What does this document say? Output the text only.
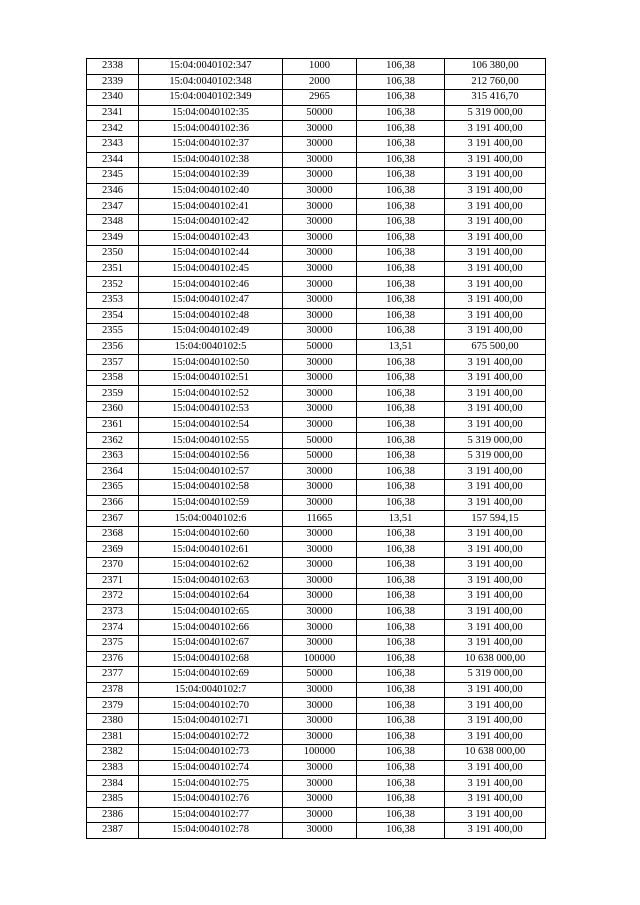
2338	15:04:0040102:347	1000	106,38	106 380,00
2339	15:04:0040102:348	2000	106,38	212 760,00
2340	15:04:0040102:349	2965	106,38	315 416,70
2341	15:04:0040102:35	50000	106,38	5 319 000,00
2342	15:04:0040102:36	30000	106,38	3 191 400,00
2343	15:04:0040102:37	30000	106,38	3 191 400,00
2344	15:04:0040102:38	30000	106,38	3 191 400,00
2345	15:04:0040102:39	30000	106,38	3 191 400,00
2346	15:04:0040102:40	30000	106,38	3 191 400,00
2347	15:04:0040102:41	30000	106,38	3 191 400,00
2348	15:04:0040102:42	30000	106,38	3 191 400,00
2349	15:04:0040102:43	30000	106,38	3 191 400,00
2350	15:04:0040102:44	30000	106,38	3 191 400,00
2351	15:04:0040102:45	30000	106,38	3 191 400,00
2352	15:04:0040102:46	30000	106,38	3 191 400,00
2353	15:04:0040102:47	30000	106,38	3 191 400,00
2354	15:04:0040102:48	30000	106,38	3 191 400,00
2355	15:04:0040102:49	30000	106,38	3 191 400,00
2356	15:04:0040102:5	50000	13,51	675 500,00
2357	15:04:0040102:50	30000	106,38	3 191 400,00
2358	15:04:0040102:51	30000	106,38	3 191 400,00
2359	15:04:0040102:52	30000	106,38	3 191 400,00
2360	15:04:0040102:53	30000	106,38	3 191 400,00
2361	15:04:0040102:54	30000	106,38	3 191 400,00
2362	15:04:0040102:55	50000	106,38	5 319 000,00
2363	15:04:0040102:56	50000	106,38	5 319 000,00
2364	15:04:0040102:57	30000	106,38	3 191 400,00
2365	15:04:0040102:58	30000	106,38	3 191 400,00
2366	15:04:0040102:59	30000	106,38	3 191 400,00
2367	15:04:0040102:6	11665	13,51	157 594,15
2368	15:04:0040102:60	30000	106,38	3 191 400,00
2369	15:04:0040102:61	30000	106,38	3 191 400,00
2370	15:04:0040102:62	30000	106,38	3 191 400,00
2371	15:04:0040102:63	30000	106,38	3 191 400,00
2372	15:04:0040102:64	30000	106,38	3 191 400,00
2373	15:04:0040102:65	30000	106,38	3 191 400,00
2374	15:04:0040102:66	30000	106,38	3 191 400,00
2375	15:04:0040102:67	30000	106,38	3 191 400,00
2376	15:04:0040102:68	100000	106,38	10 638 000,00
2377	15:04:0040102:69	50000	106,38	5 319 000,00
2378	15:04:0040102:7	30000	106,38	3 191 400,00
2379	15:04:0040102:70	30000	106,38	3 191 400,00
2380	15:04:0040102:71	30000	106,38	3 191 400,00
2381	15:04:0040102:72	30000	106,38	3 191 400,00
2382	15:04:0040102:73	100000	106,38	10 638 000,00
2383	15:04:0040102:74	30000	106,38	3 191 400,00
2384	15:04:0040102:75	30000	106,38	3 191 400,00
2385	15:04:0040102:76	30000	106,38	3 191 400,00
2386	15:04:0040102:77	30000	106,38	3 191 400,00
2387	15:04:0040102:78	30000	106,38	3 191 400,00
